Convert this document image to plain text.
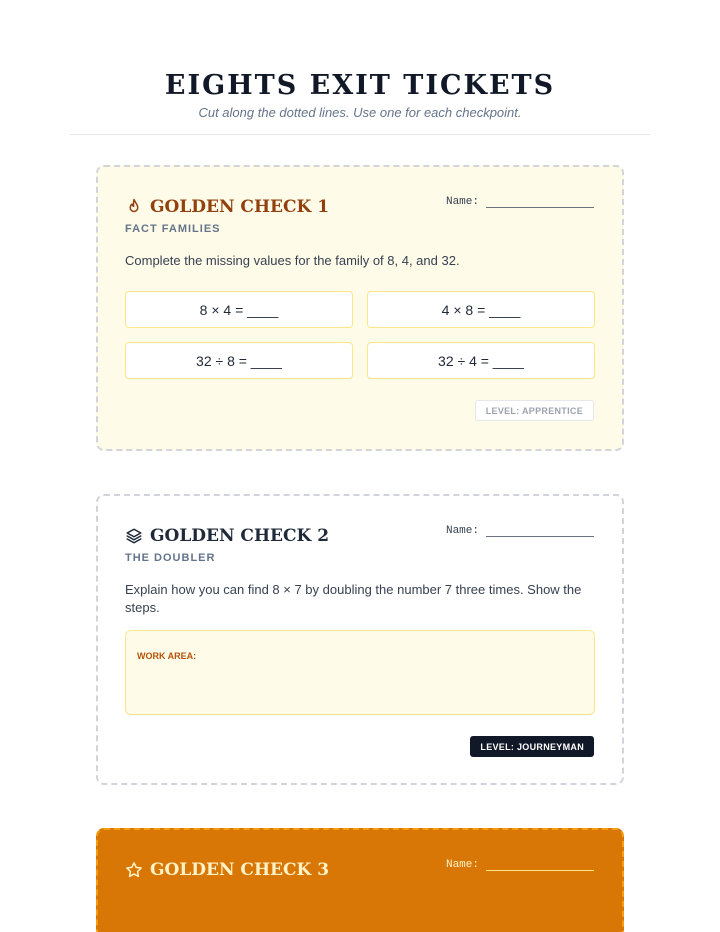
EIGHTS EXIT TICKETS
Cut along the dotted lines. Use one for each checkpoint.
GOLDEN CHECK 1
FACT FAMILIES
Name:
Complete the missing values for the family of 8, 4, and 32.
8 × 4 = ____	4 × 8 = ____
32 ÷ 8 = ____	32 ÷ 4 = ____
LEVEL: APPRENTICE
GOLDEN CHECK 2
THE DOUBLER
Name:
Explain how you can find 8 × 7 by doubling the number 7 three times. Show the steps.
WORK AREA:
LEVEL: JOURNEYMAN
GOLDEN CHECK 3	Name:
